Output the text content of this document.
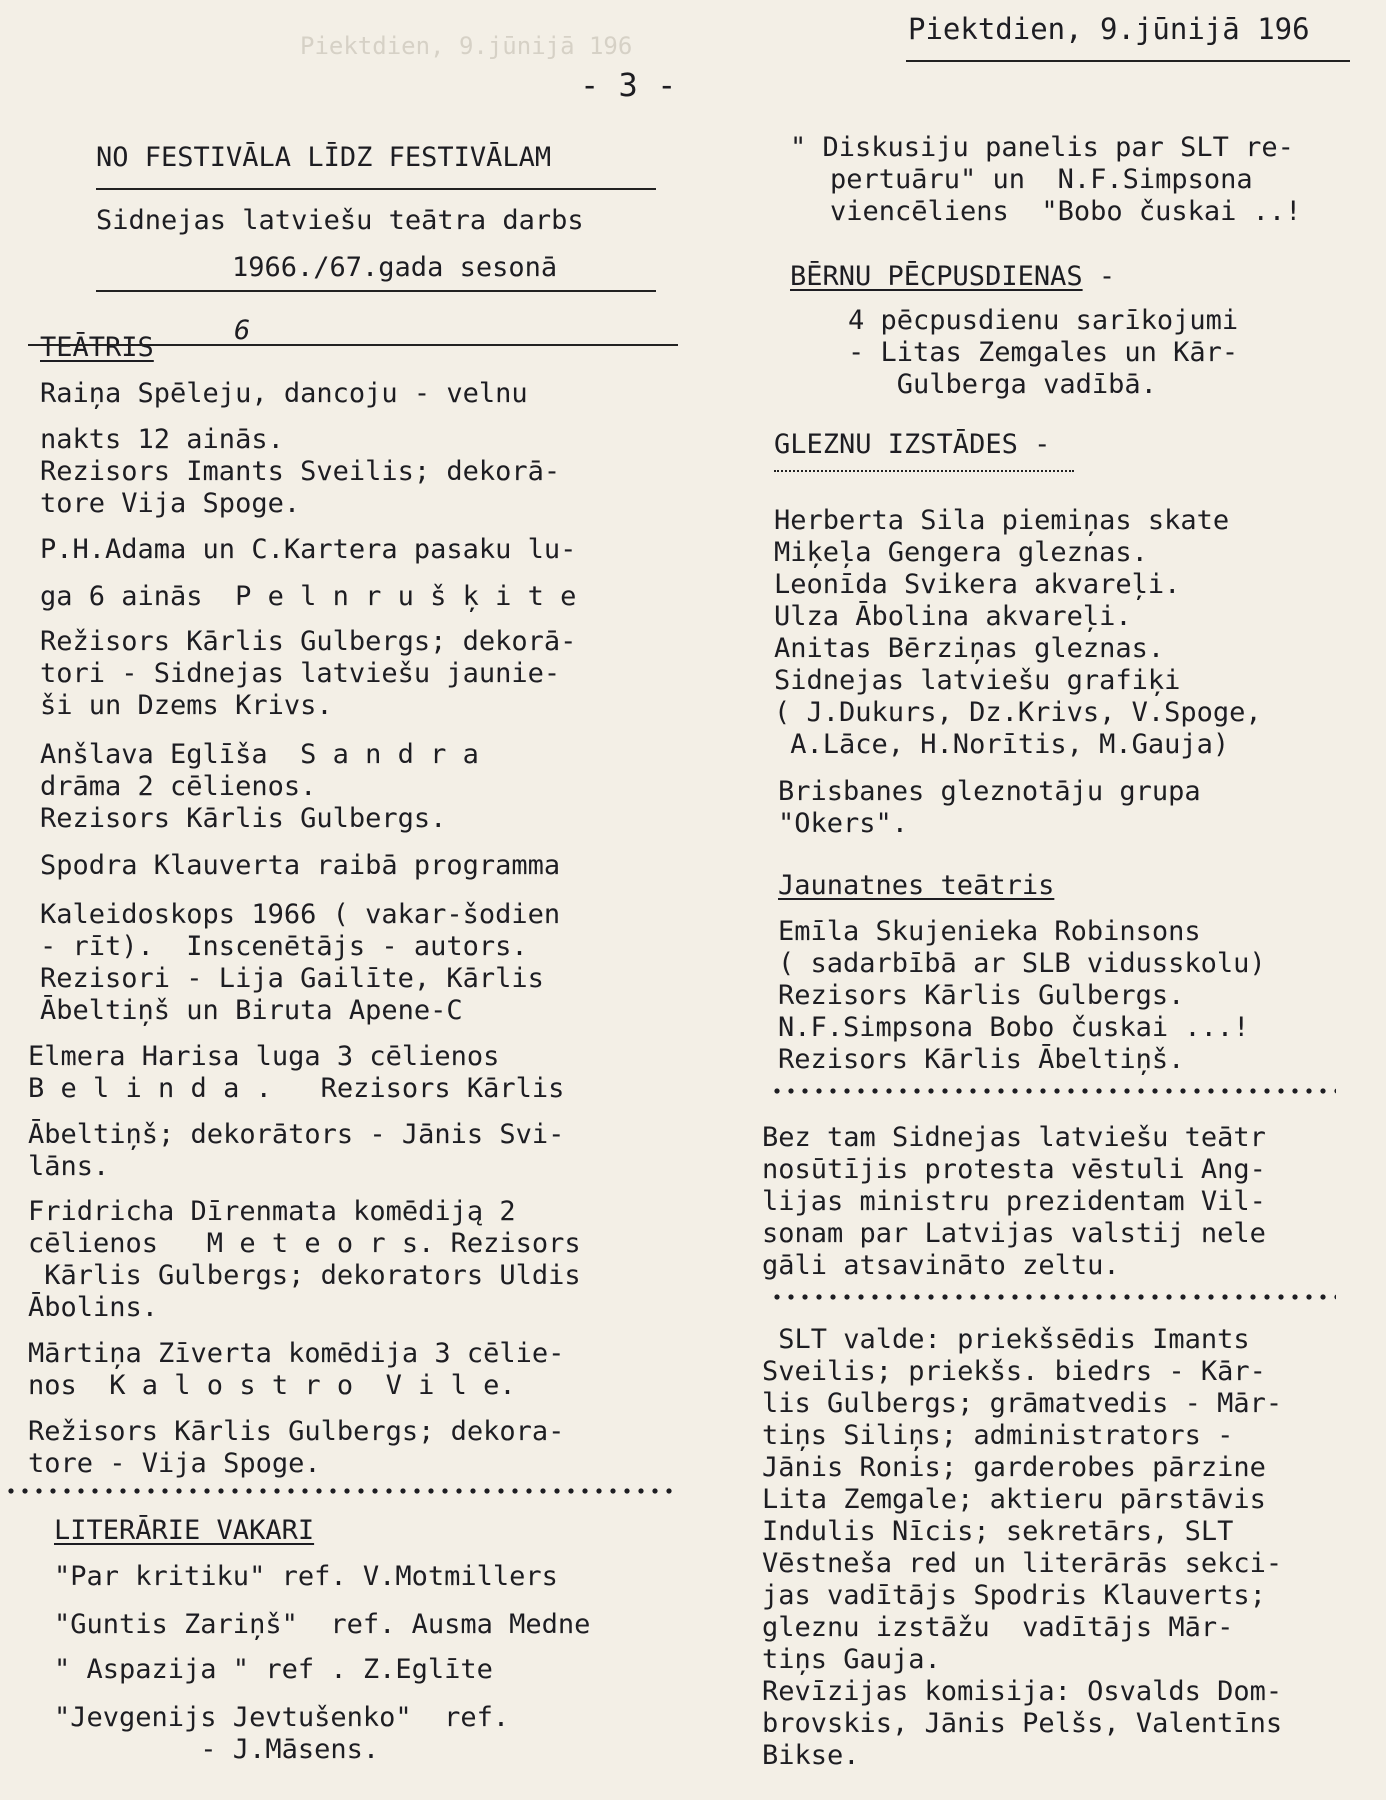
Piektdien, 9.jūnijā 196	Piektdien, 9.jūnijā 196
- 3 -
NO FESTIVĀLA LĪDZ FESTIVĀLAM
Sidnejas latviešu teātra darbs
1966./67.gada sesonā
TEĀTRIS
6
Raiņa Spēleju, dancoju - velnu
nakts 12 ainās.
Rezisors Imants Sveilis; dekorā-
tore Vija Spoge.
P.H.Adama un C.Kartera pasaku lu-
ga 6 ainās  P e l n r u š ķ i t e
Režisors Kārlis Gulbergs; dekorā-
tori - Sidnejas latviešu jaunie-
ši un Dzems Krivs.
Anšlava Eglīša  S a n d r a
drāma 2 cēlienos.
Rezisors Kārlis Gulbergs.
Spodra Klauverta raibā programma
Kaleidoskops 1966 ( vakar-šodien
- rīt).  Inscenētājs - autors.
Rezisori - Lija Gailīte, Kārlis
Ābeltiņš un Biruta Apene-C
Elmera Harisa luga 3 cēlienos
B e l i n d a .   Rezisors Kārlis
Ābeltiņš; dekorātors - Jānis Svi-
lāns.
Fridricha Dīrenmata komēdiją 2
cēlienos   M e t e o r s. Rezisors
Kārlis Gulbergs; dekorators Uldis
Ābolins.
Mārtiņa Zīverta komēdija 3 cēlie-
nos  K a l o s t r o  V i l e.
Režisors Kārlis Gulbergs; dekora-
tore - Vija Spoge.
LITERĀRIE VAKARI
"Par kritiku" ref. V.Motmillers
"Guntis Zariņš"  ref. Ausma Medne
" Aspazija " ref . Z.Eglīte
"Jevgenijs Jevtušenko"  ref.
- J.Māsens.
" Diskusiju panelis par SLT re-
pertuāru" un  N.F.Simpsona
viencēliens  "Bobo čuskai ..!
BĒRNU PĒCPUSDIENAS -
4 pēcpusdienu sarīkojumi
- Litas Zemgales un Kār-
Gulberga vadībā.
GLEZNU IZSTĀDES -
Herberta Sila piemiņas skate
Miķeļa Gengera gleznas.
Leonīda Svikera akvareļi.
Ulza Ābolina akvareļi.
Anitas Bērziņas gleznas.
Sidnejas latviešu grafiķi
( J.Dukurs, Dz.Krivs, V.Spoge,
A.Lāce, H.Norītis, M.Gauja)
Brisbanes gleznotāju grupa
"Okers".
Jaunatnes teātris
Emīla Skujenieka Robinsons
( sadarbībā ar SLB vidusskolu)
Rezisors Kārlis Gulbergs.
N.F.Simpsona Bobo čuskai ...!
Rezisors Kārlis Ābeltiņš.
Bez tam Sidnejas latviešu teātr
nosūtījis protesta vēstuli Ang-
lijas ministru prezidentam Vil-
sonam par Latvijas valstij nele
gāli atsavināto zeltu.
SLT valde: priekšsēdis Imants
Sveilis; priekšs. biedrs - Kār-
lis Gulbergs; grāmatvedis - Mār-
tiņs Siliņs; administrators -
Jānis Ronis; garderobes pārzine
Lita Zemgale; aktieru pārstāvis
Indulis Nīcis; sekretārs, SLT
Vēstneša red un literārās sekci-
jas vadītājs Spodris Klauverts;
gleznu izstāžu  vadītājs Mār-
tiņs Gauja.
Revīzijas komisija: Osvalds Dom-
brovskis, Jānis Pelšs, Valentīns
Bikse.
